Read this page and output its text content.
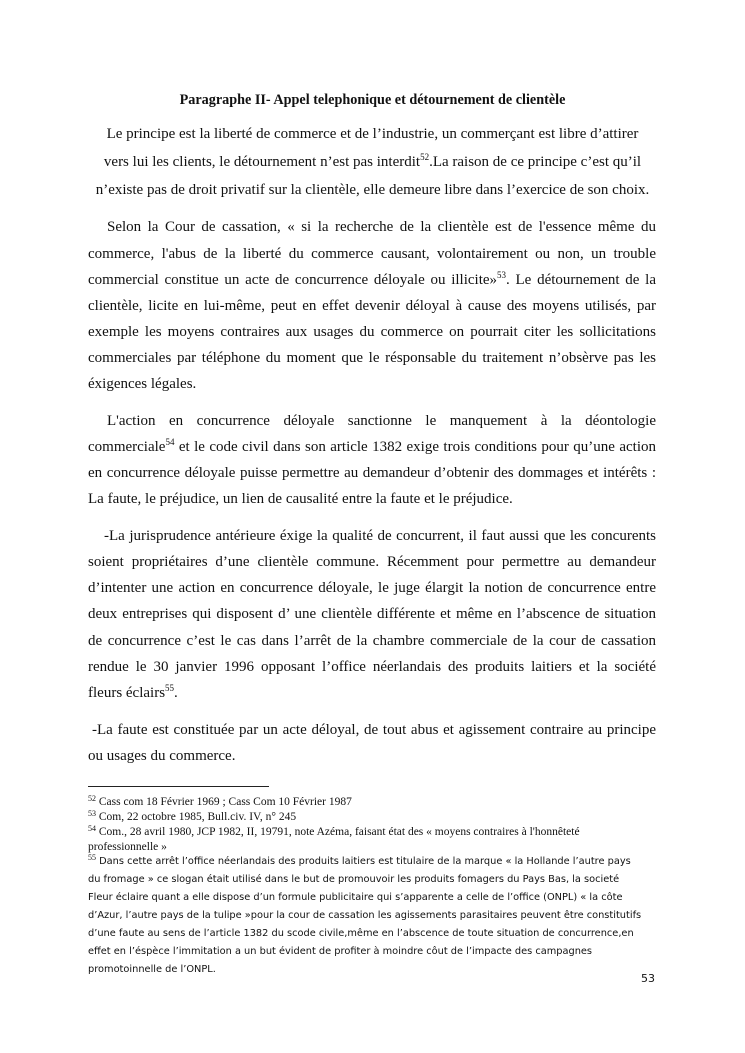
Paragraphe II- Appel telephonique et détournement de clientèle
Le principe est la liberté de commerce et de l’industrie, un commerçant est libre d’attirer
vers lui les clients, le détournement n’est pas interdit$^{52}$.La raison de ce principe c’est qu’il
n’existe pas de droit privatif sur la clientèle, elle demeure libre dans l’exercice de son choix.
Selon la Cour de cassation, « si la recherche de la clientèle est de l'essence même du
commerce, l'abus de la liberté du commerce causant, volontairement ou non, un trouble
commercial constitue un acte de concurrence déloyale ou illicite»$^{53}$. Le détournement de la
clientèle, licite en lui-même, peut en effet devenir déloyal à cause des moyens utilisés, par
exemple les moyens contraires aux usages du commerce on pourrait citer les sollicitations
commerciales par téléphone du moment que le résponsable du traitement n’obsèrve pas les
éxigences légales.
L'action en concurrence déloyale sanctionne le manquement à la déontologie
commerciale$^{54}$ et le code civil dans son article 1382 exige trois conditions pour qu’une action
en concurrence déloyale puisse permettre au demandeur d’obtenir des dommages et intérêts :
La faute, le préjudice, un lien de causalité entre la faute et le préjudice.
-La jurisprudence antérieure éxige la qualité de concurrent, il faut aussi que les concurents
soient propriétaires d’une clientèle commune. Récemment pour permettre au demandeur
d’intenter une action en concurrence déloyale, le juge élargit la notion de concurrence entre
deux entreprises qui disposent d’ une clientèle différente et même en l’abscence de situation
de concurrence c’est le cas dans l’arrêt de la chambre commerciale de la cour de cassation
rendue le 30 janvier 1996 opposant l’office néerlandais des produits laitiers et la société
fleurs éclairs$^{55}$.
-La faute est constituée par un acte déloyal, de tout abus et agissement contraire au principe
ou usages du commerce.
$^{52}$ Cass com 18 Février 1969 ; Cass Com 10 Février 1987
$^{53}$ Com, 22 octobre 1985, Bull.civ. IV, n° 245
$^{54}$ Com., 28 avril 1980, JCP 1982, II, 19791, note Azéma, faisant état des « moyens contraires à l'honnêteté
professionnelle »
$^{55}$ Dans cette arrêt l’office néerlandais des produits laitiers est titulaire de la marque « la Hollande l’autre pays
du fromage » ce slogan était utilisé dans le but de promouvoir les produits fomagers du Pays Bas, la societé
Fleur éclaire quant a elle dispose d’un formule publicitaire qui s’apparente a celle de l’office (ONPL) « la côte
d’Azur, l’autre pays de la tulipe »pour la cour de cassation les agissements parasitaires peuvent être constitutifs
d’une faute au sens de l’article 1382 du scode civile,même en l’abscence de toute situation de concurrence,en
effet en l’éspèce l’immitation a un but évident de profiter à moindre côut de l’impacte des campagnes
promotoinnelle de l’ONPL.
53
